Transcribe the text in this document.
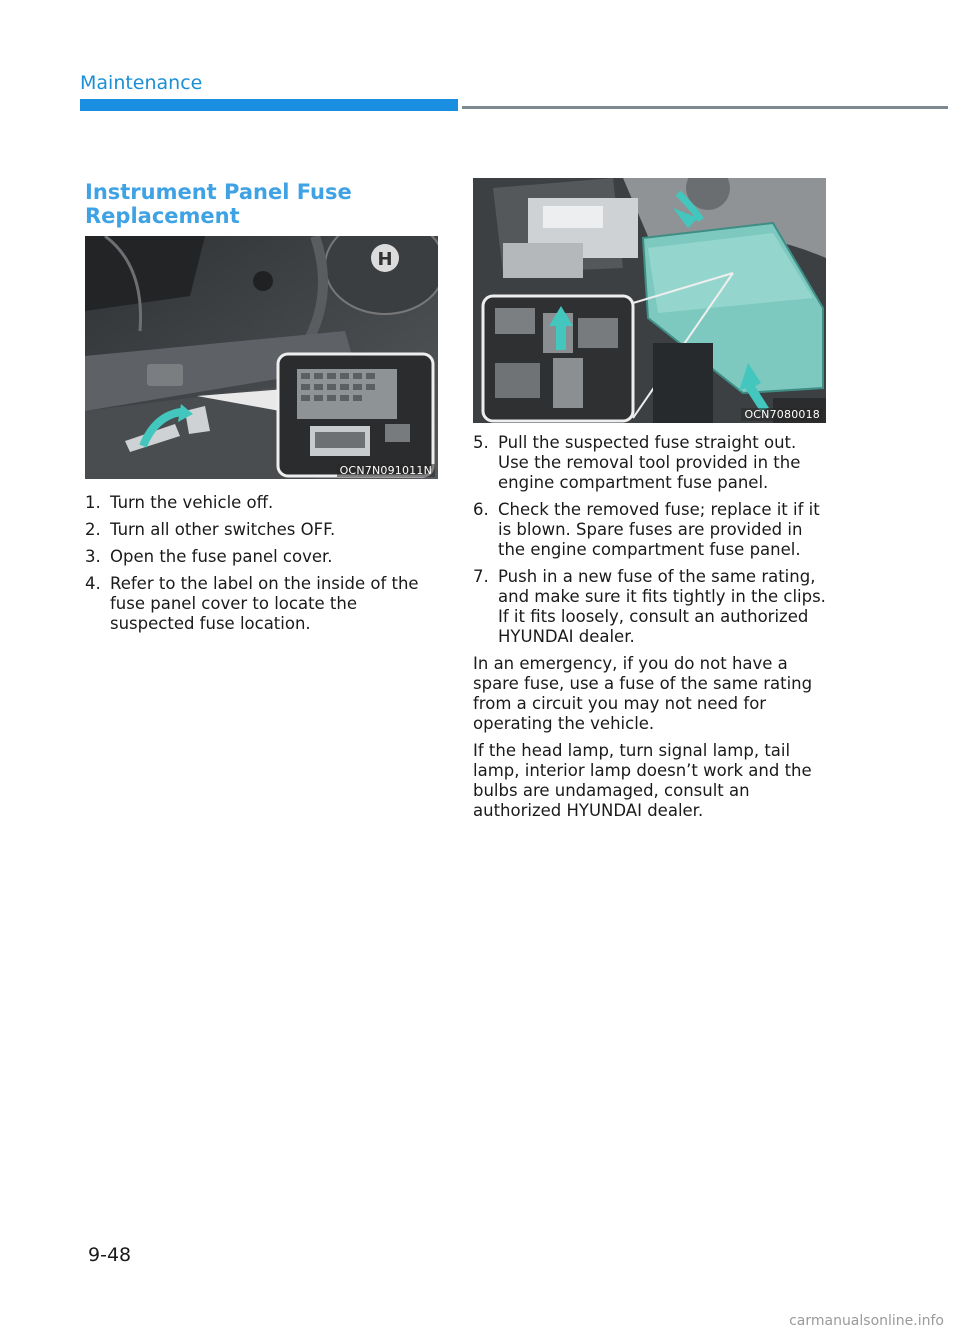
Maintenance
Instrument Panel Fuse Replacement
H
OCN7N091011N
1. Turn the vehicle off.
2. Turn all other switches OFF.
3. Open the fuse panel cover.
4. Refer to the label on the inside of the fuse panel cover to locate the suspected fuse location.
OCN7080018
5. Pull the suspected fuse straight out. Use the removal tool provided in the engine compartment fuse panel.
6. Check the removed fuse; replace it if it is blown. Spare fuses are provided in the engine compartment fuse panel.
7. Push in a new fuse of the same rating, and make sure it fits tightly in the clips. If it fits loosely, consult an authorized HYUNDAI dealer.

In an emergency, if you do not have a spare fuse, use a fuse of the same rating from a circuit you may not need for operating the vehicle.

If the head lamp, turn signal lamp, tail lamp, interior lamp doesn’t work and the bulbs are undamaged, consult an authorized HYUNDAI dealer.

9-48
carmanualsonline.info
